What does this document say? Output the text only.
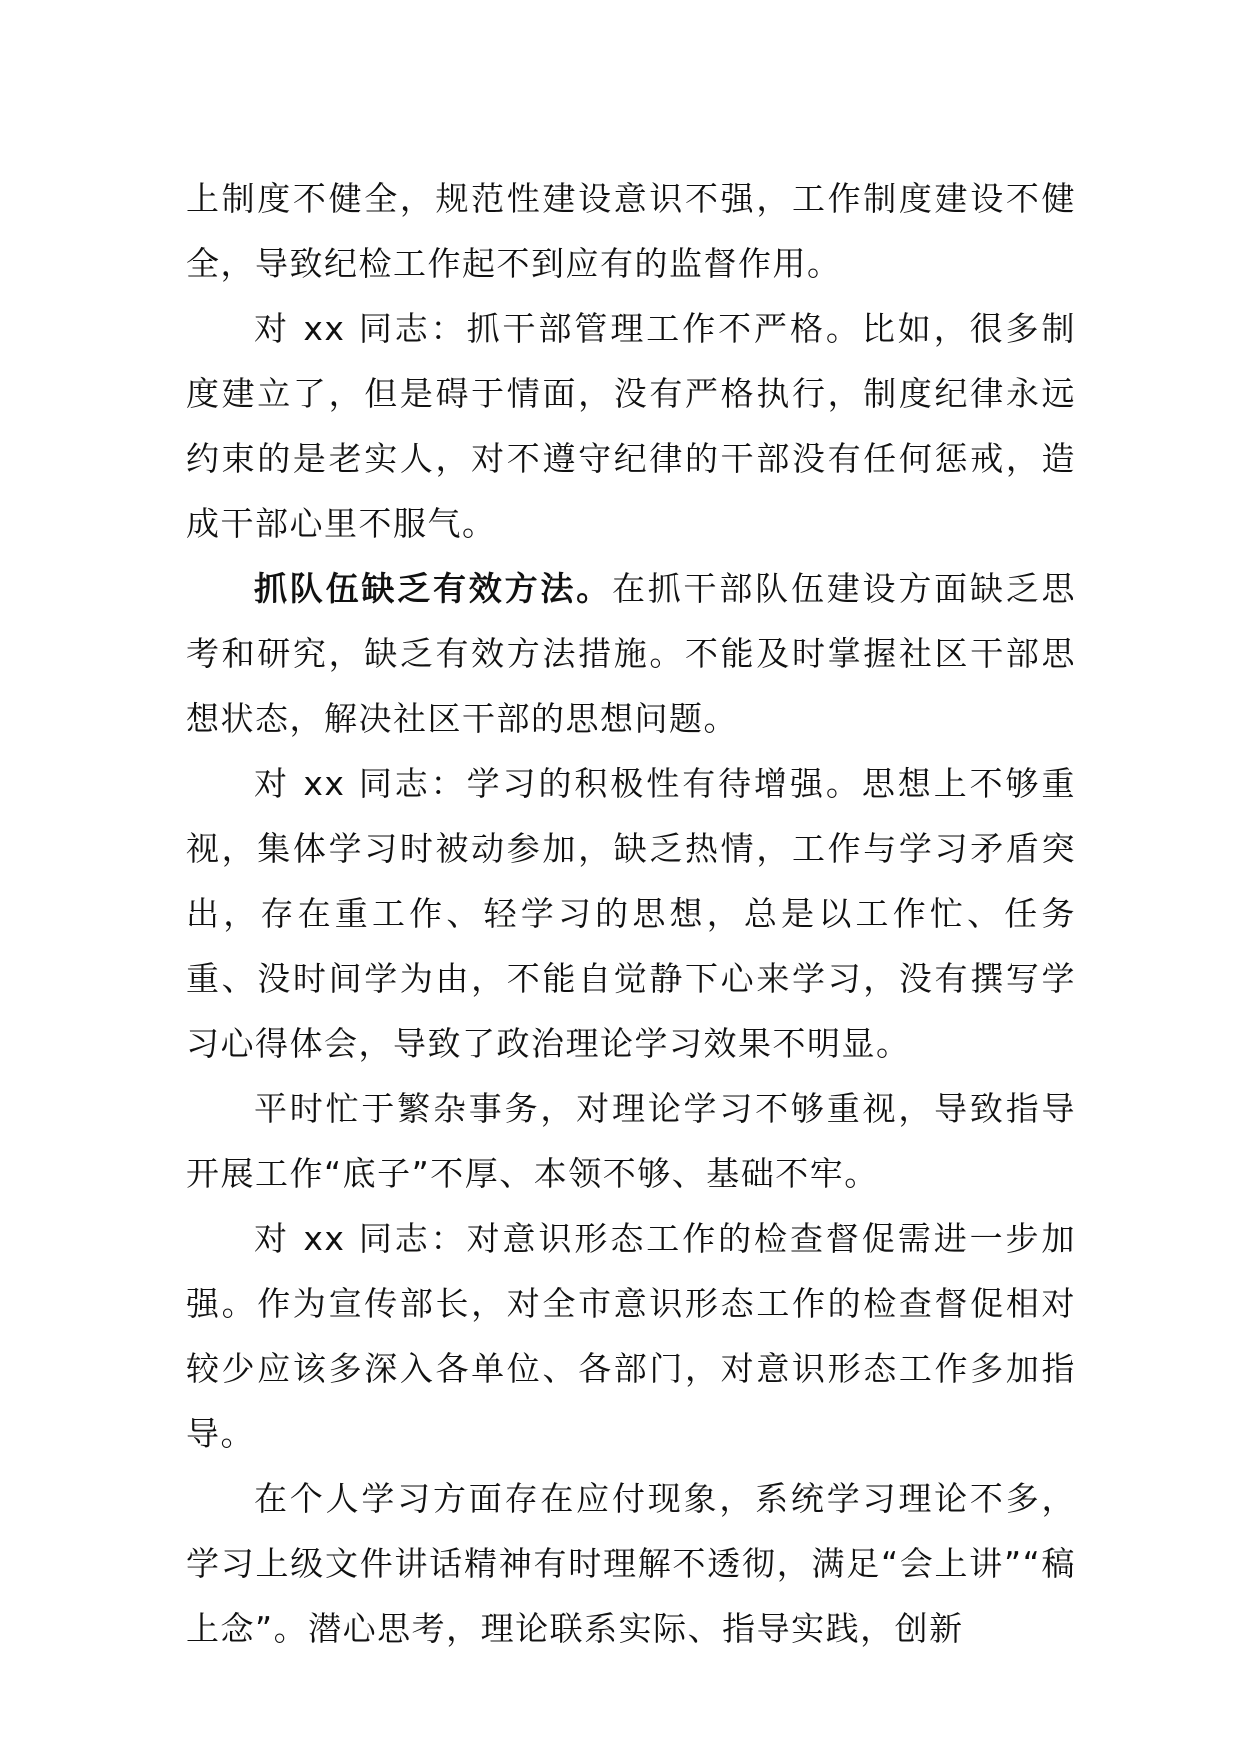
上制度不健全，规范性建设意识不强，工作制度建设不健全，导致纪检工作起不到应有的监督作用。

对 xx 同志：抓干部管理工作不严格。比如，很多制度建立了，但是碍于情面，没有严格执行，制度纪律永远约束的是老实人，对不遵守纪律的干部没有任何惩戒，造成干部心里不服气。

抓队伍缺乏有效方法。在抓干部队伍建设方面缺乏思考和研究，缺乏有效方法措施。不能及时掌握社区干部思想状态，解决社区干部的思想问题。

对 xx 同志：学习的积极性有待增强。思想上不够重视，集体学习时被动参加，缺乏热情，工作与学习矛盾突出，存在重工作、轻学习的思想，总是以工作忙、任务重、没时间学为由，不能自觉静下心来学习，没有撰写学习心得体会，导致了政治理论学习效果不明显。

平时忙于繁杂事务，对理论学习不够重视，导致指导开展工作“底子”不厚、本领不够、基础不牢。

对 xx 同志：对意识形态工作的检查督促需进一步加强。作为宣传部长，对全市意识形态工作的检查督促相对较少应该多深入各单位、各部门，对意识形态工作多加指导。

在个人学习方面存在应付现象，系统学习理论不多，学习上级文件讲话精神有时理解不透彻，满足“会上讲”“稿上念”。潜心思考，理论联系实际、指导实践，创新
